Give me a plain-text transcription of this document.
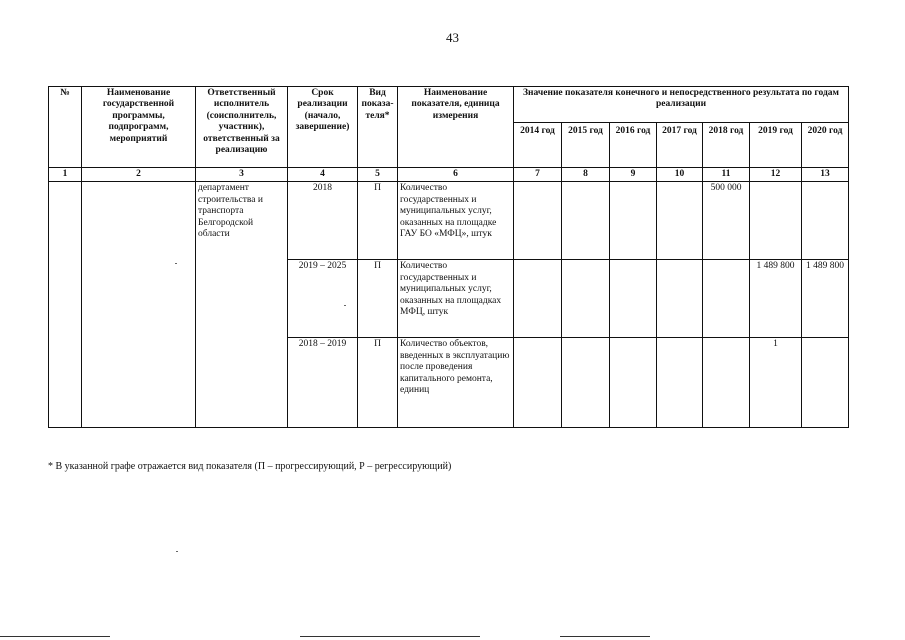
43
№	Наименование государственной программы, подпрограмм, мероприятий	Ответственный исполнитель (соисполнитель, участник), ответственный за реализацию	Срок реализации (начало, завершение)	Вид показа-теля*	Наименование показателя, единица измерения	Значение показателя конечного и непосредственного результата по годам реализации						
						2014 год	2015 год	2016 год	2017 год	2018 год	2019 год	2020 год
1	2	3	4	5	6	7	8	9	10	11	12	13
		департамент строительства и транспорта Белгородской области	2018	П	Количество государственных и муниципальных услуг, оказанных на площадке ГАУ БО «МФЦ», штук					500 000		
			2019 – 2025	П	Количество государственных и муниципальных услуг, оказанных на площадках МФЦ, штук						1 489 800	1 489 800
			2018 – 2019	П	Количество объектов, введенных в эксплуатацию после проведения капитального ремонта, единиц						1	
* В указанной графе отражается вид показателя (П – прогрессирующий, Р – регрессирующий)
